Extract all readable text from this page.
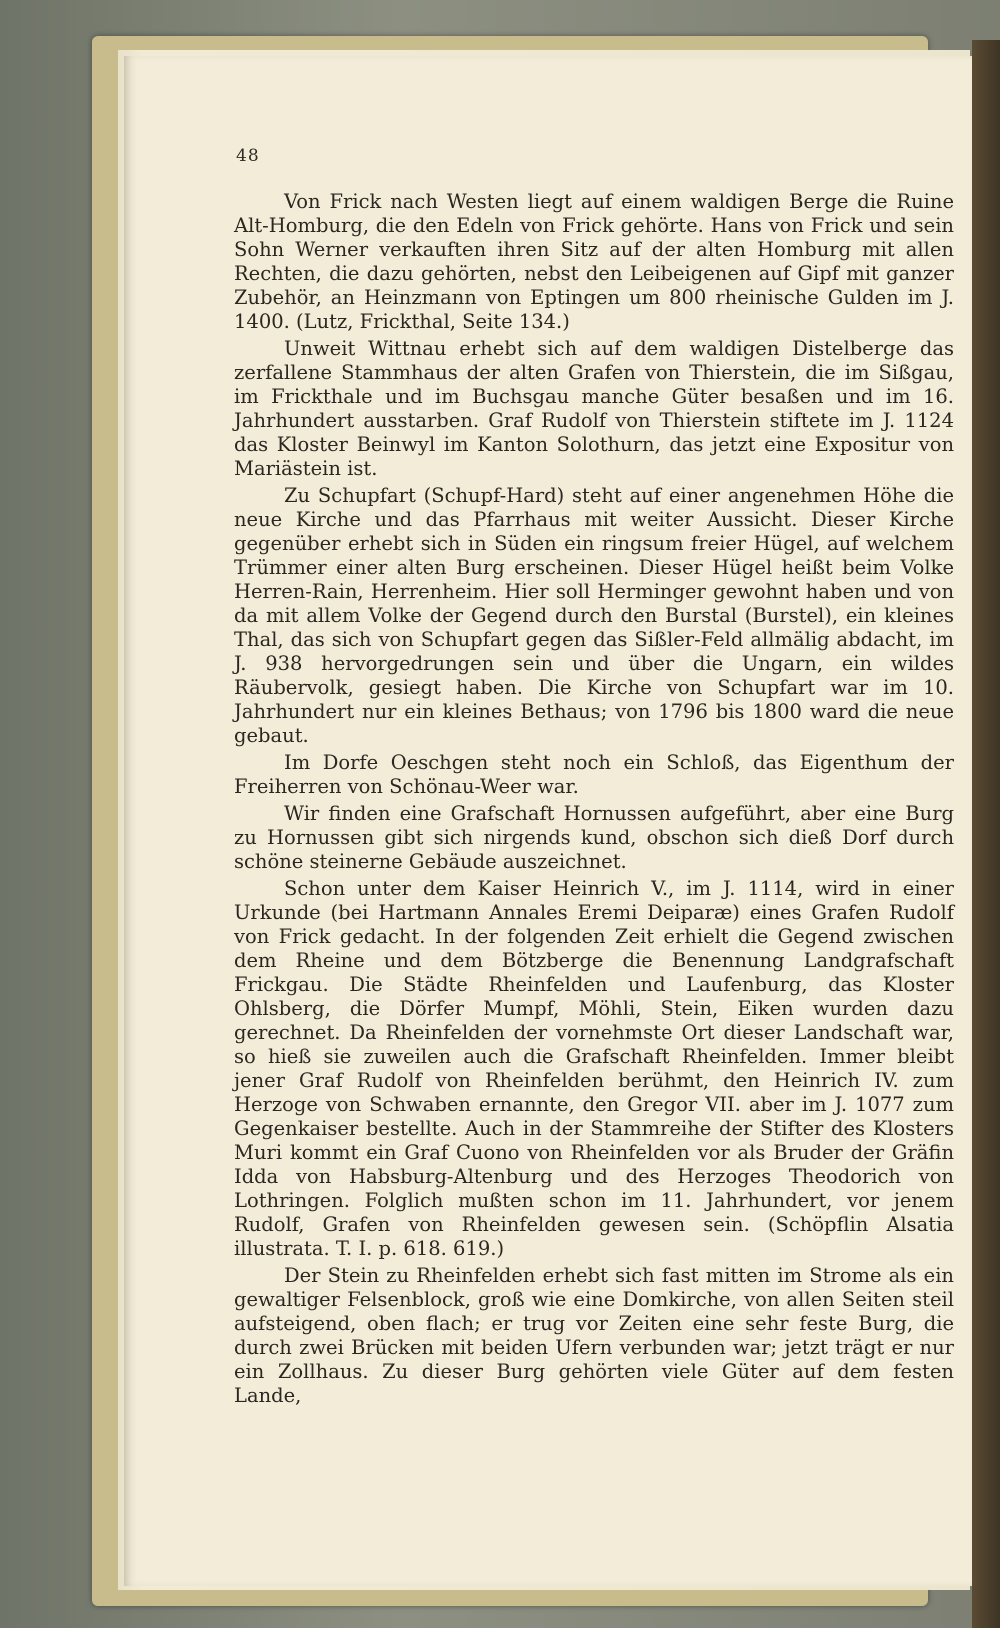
48

Von Frick nach Westen liegt auf einem waldigen Berge die Ruine Alt-Homburg, die den Edeln von Frick gehörte. Hans von Frick und sein Sohn Werner verkauften ihren Sitz auf der alten Homburg mit allen Rechten, die dazu gehörten, nebst den Leibeigenen auf Gipf mit ganzer Zubehör, an Heinzmann von Eptingen um 800 rheinische Gulden im J. 1400. (Lutz, Frickthal, Seite 134.)

Unweit Wittnau erhebt sich auf dem waldigen Distelberge das zerfallene Stammhaus der alten Grafen von Thierstein, die im Sißgau, im Frickthale und im Buchsgau manche Güter besaßen und im 16. Jahrhundert ausstarben. Graf Rudolf von Thierstein stiftete im J. 1124 das Kloster Beinwyl im Kanton Solothurn, das jetzt eine Expositur von Mariästein ist.

Zu Schupfart (Schupf-Hard) steht auf einer angenehmen Höhe die neue Kirche und das Pfarrhaus mit weiter Aussicht. Dieser Kirche gegenüber erhebt sich in Süden ein ringsum freier Hügel, auf welchem Trümmer einer alten Burg erscheinen. Dieser Hügel heißt beim Volke Herren-Rain, Herrenheim. Hier soll Herminger gewohnt haben und von da mit allem Volke der Gegend durch den Burstal (Burstel), ein kleines Thal, das sich von Schupfart gegen das Sißler-Feld allmälig abdacht, im J. 938 hervorgedrungen sein und über die Ungarn, ein wildes Räubervolk, gesiegt haben. Die Kirche von Schupfart war im 10. Jahrhundert nur ein kleines Bethaus; von 1796 bis 1800 ward die neue gebaut.

Im Dorfe Oeschgen steht noch ein Schloß, das Eigenthum der Freiherren von Schönau-Weer war.

Wir finden eine Grafschaft Hornussen aufgeführt, aber eine Burg zu Hornussen gibt sich nirgends kund, obschon sich dieß Dorf durch schöne steinerne Gebäude auszeichnet.

Schon unter dem Kaiser Heinrich V., im J. 1114, wird in einer Urkunde (bei Hartmann Annales Eremi Deiparæ) eines Grafen Rudolf von Frick gedacht. In der folgenden Zeit erhielt die Gegend zwischen dem Rheine und dem Bötzberge die Benennung Landgrafschaft Frickgau. Die Städte Rheinfelden und Laufenburg, das Kloster Ohlsberg, die Dörfer Mumpf, Möhli, Stein, Eiken wurden dazu gerechnet. Da Rheinfelden der vornehmste Ort dieser Landschaft war, so hieß sie zuweilen auch die Grafschaft Rheinfelden. Immer bleibt jener Graf Rudolf von Rheinfelden berühmt, den Heinrich IV. zum Herzoge von Schwaben ernannte, den Gregor VII. aber im J. 1077 zum Gegenkaiser bestellte. Auch in der Stammreihe der Stifter des Klosters Muri kommt ein Graf Cuono von Rheinfelden vor als Bruder der Gräfin Idda von Habsburg-Altenburg und des Herzoges Theodorich von Lothringen. Folglich mußten schon im 11. Jahrhundert, vor jenem Rudolf, Grafen von Rheinfelden gewesen sein. (Schöpflin Alsatia illustrata. T. I. p. 618. 619.)

Der Stein zu Rheinfelden erhebt sich fast mitten im Strome als ein gewaltiger Felsenblock, groß wie eine Domkirche, von allen Seiten steil aufsteigend, oben flach; er trug vor Zeiten eine sehr feste Burg, die durch zwei Brücken mit beiden Ufern verbunden war; jetzt trägt er nur ein Zollhaus. Zu dieser Burg gehörten viele Güter auf dem festen Lande,
